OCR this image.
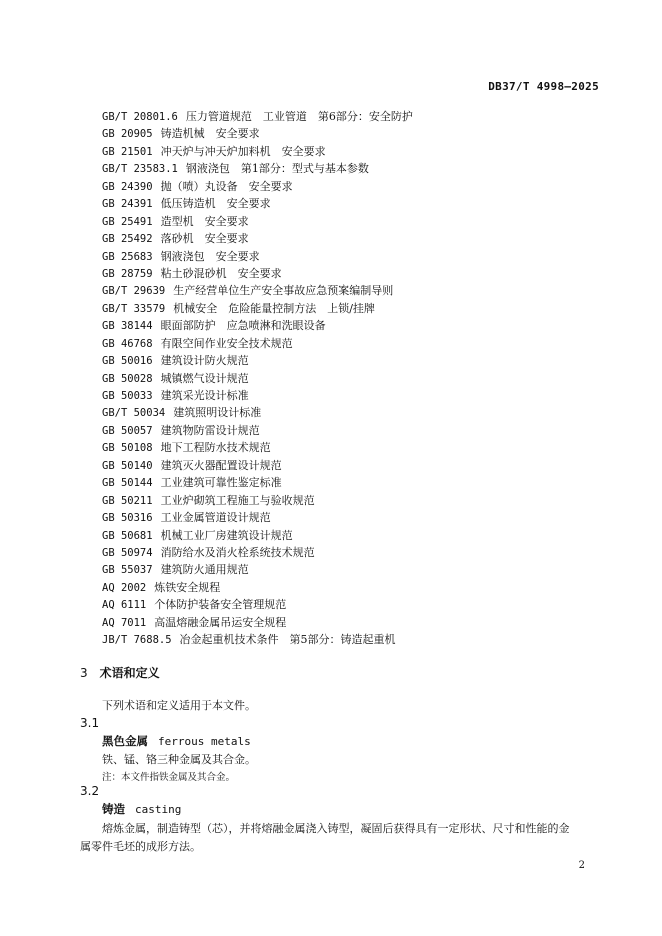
DB37/T 4998—2025
GB/T 20801.6 压力管道规范　工业管道　第6部分：安全防护
GB 20905 铸造机械　安全要求
GB 21501 冲天炉与冲天炉加料机　安全要求
GB/T 23583.1 钢液浇包　第1部分：型式与基本参数
GB 24390 抛（喷）丸设备　安全要求
GB 24391 低压铸造机　安全要求
GB 25491 造型机　安全要求
GB 25492 落砂机　安全要求
GB 25683 钢液浇包　安全要求
GB 28759 粘土砂混砂机　安全要求
GB/T 29639 生产经营单位生产安全事故应急预案编制导则
GB/T 33579 机械安全　危险能量控制方法　上锁/挂牌
GB 38144 眼面部防护　应急喷淋和洗眼设备
GB 46768 有限空间作业安全技术规范
GB 50016 建筑设计防火规范
GB 50028 城镇燃气设计规范
GB 50033 建筑采光设计标准
GB/T 50034 建筑照明设计标准
GB 50057 建筑物防雷设计规范
GB 50108 地下工程防水技术规范
GB 50140 建筑灭火器配置设计规范
GB 50144 工业建筑可靠性鉴定标准
GB 50211 工业炉砌筑工程施工与验收规范
GB 50316 工业金属管道设计规范
GB 50681 机械工业厂房建筑设计规范
GB 50974 消防给水及消火栓系统技术规范
GB 55037 建筑防火通用规范
AQ 2002 炼铁安全规程
AQ 6111 个体防护装备安全管理规范
AQ 7011 高温熔融金属吊运安全规程
JB/T 7688.5 冶金起重机技术条件　第5部分：铸造起重机
3 术语和定义
下列术语和定义适用于本文件。
3.1
黑色金属 ferrous metals
铁、锰、铬三种金属及其合金。
注：本文件指铁金属及其合金。
3.2
铸造 casting
熔炼金属，制造铸型（芯），并将熔融金属浇入铸型，凝固后获得具有一定形状、尺寸和性能的金
属零件毛坯的成形方法。
2
